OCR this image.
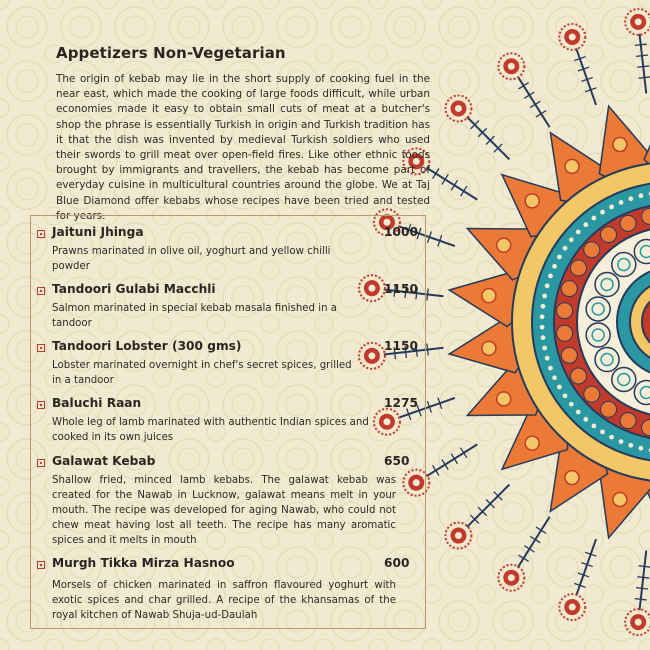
Appetizers Non-Vegetarian

The origin of kebab may lie in the short supply of cooking fuel in the near east, which made the cooking of large foods difficult, while urban economies made it easy to obtain small cuts of meat at a butcher's shop the phrase is essentially Turkish in origin and Turkish tradition has it that the dish was invented by medieval Turkish soldiers who used their swords to grill meat over open-field fires. Like other ethnic foods brought by immigrants and travellers, the kebab has become part of everyday cuisine in multicultural countries around the globe. We at Taj Blue Diamond offer kebabs whose recipes have been tried and tested for years.

Jaituni Jhinga	1000

Prawns marinated in olive oil, yoghurt and yellow chilli powder

Tandoori Gulabi Macchli	1150

Salmon marinated in special kebab masala finished in a tandoor

Tandoori Lobster (300 gms)	1150

Lobster marinated overnight in chef's secret spices, grilled in a tandoor

Baluchi Raan	1275

Whole leg of lamb marinated with authentic Indian spices and cooked in its own juices

Galawat Kebab	650

Shallow fried, minced lamb kebabs. The galawat kebab was created for the Nawab in Lucknow, galawat means melt in your mouth. The recipe was developed for aging Nawab, who could not chew meat having lost all teeth. The recipe has many aromatic spices and it melts in mouth

Murgh Tikka Mirza Hasnoo	600

Morsels of chicken marinated in saffron flavoured yoghurt with exotic spices and char grilled. A recipe of the khansamas of the royal kitchen of Nawab Shuja-ud-Daulah
